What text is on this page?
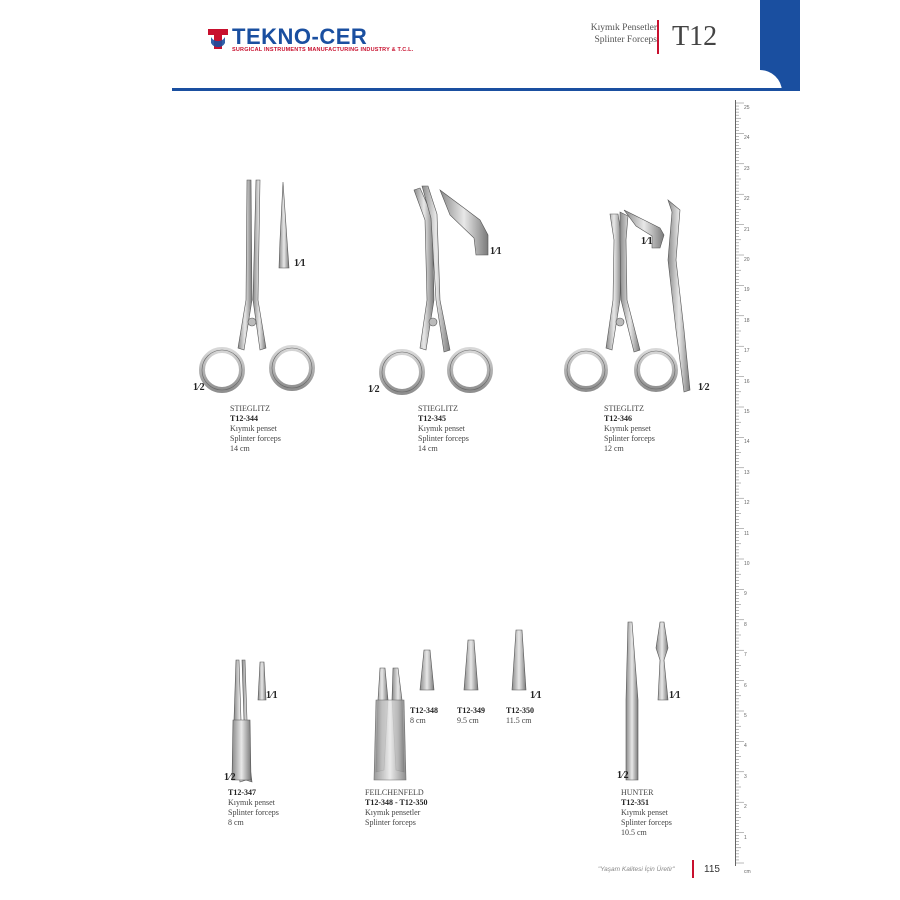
TEKNO-CER
SURGICAL INSTRUMENTS MANUFACTURING INDUSTRY & T.C.L.
Kıymık Pensetler
Splinter Forceps T12
25
24
23
22
21
20
19
18
17
16
15
14
13
12
11
10
9
8
7
6
5
4
3
2
1
cm
1⁄1
1⁄2
1⁄1
1⁄2
1⁄1
1⁄2
1⁄1
1⁄2
1⁄1	1⁄1
1⁄2
STIEGLITZ
T12-344
Kıymık penset
Splinter forceps
14 cm
STIEGLITZ
T12-345
Kıymık penset
Splinter forceps
14 cm
STIEGLITZ
T12-346
Kıymık penset
Splinter forceps
12 cm
T12-347
Kıymık penset
Splinter forceps
8 cm
FEILCHENFELD
T12-348 - T12-350
Kıymık pensetler
Splinter forceps
HUNTER
T12-351
Kıymık penset
Splinter forceps
10.5 cm
T12-348
8 cm
T12-349
9.5 cm
T12-350
11.5 cm
"Yaşam Kalitesi İçin Üretir"	115
